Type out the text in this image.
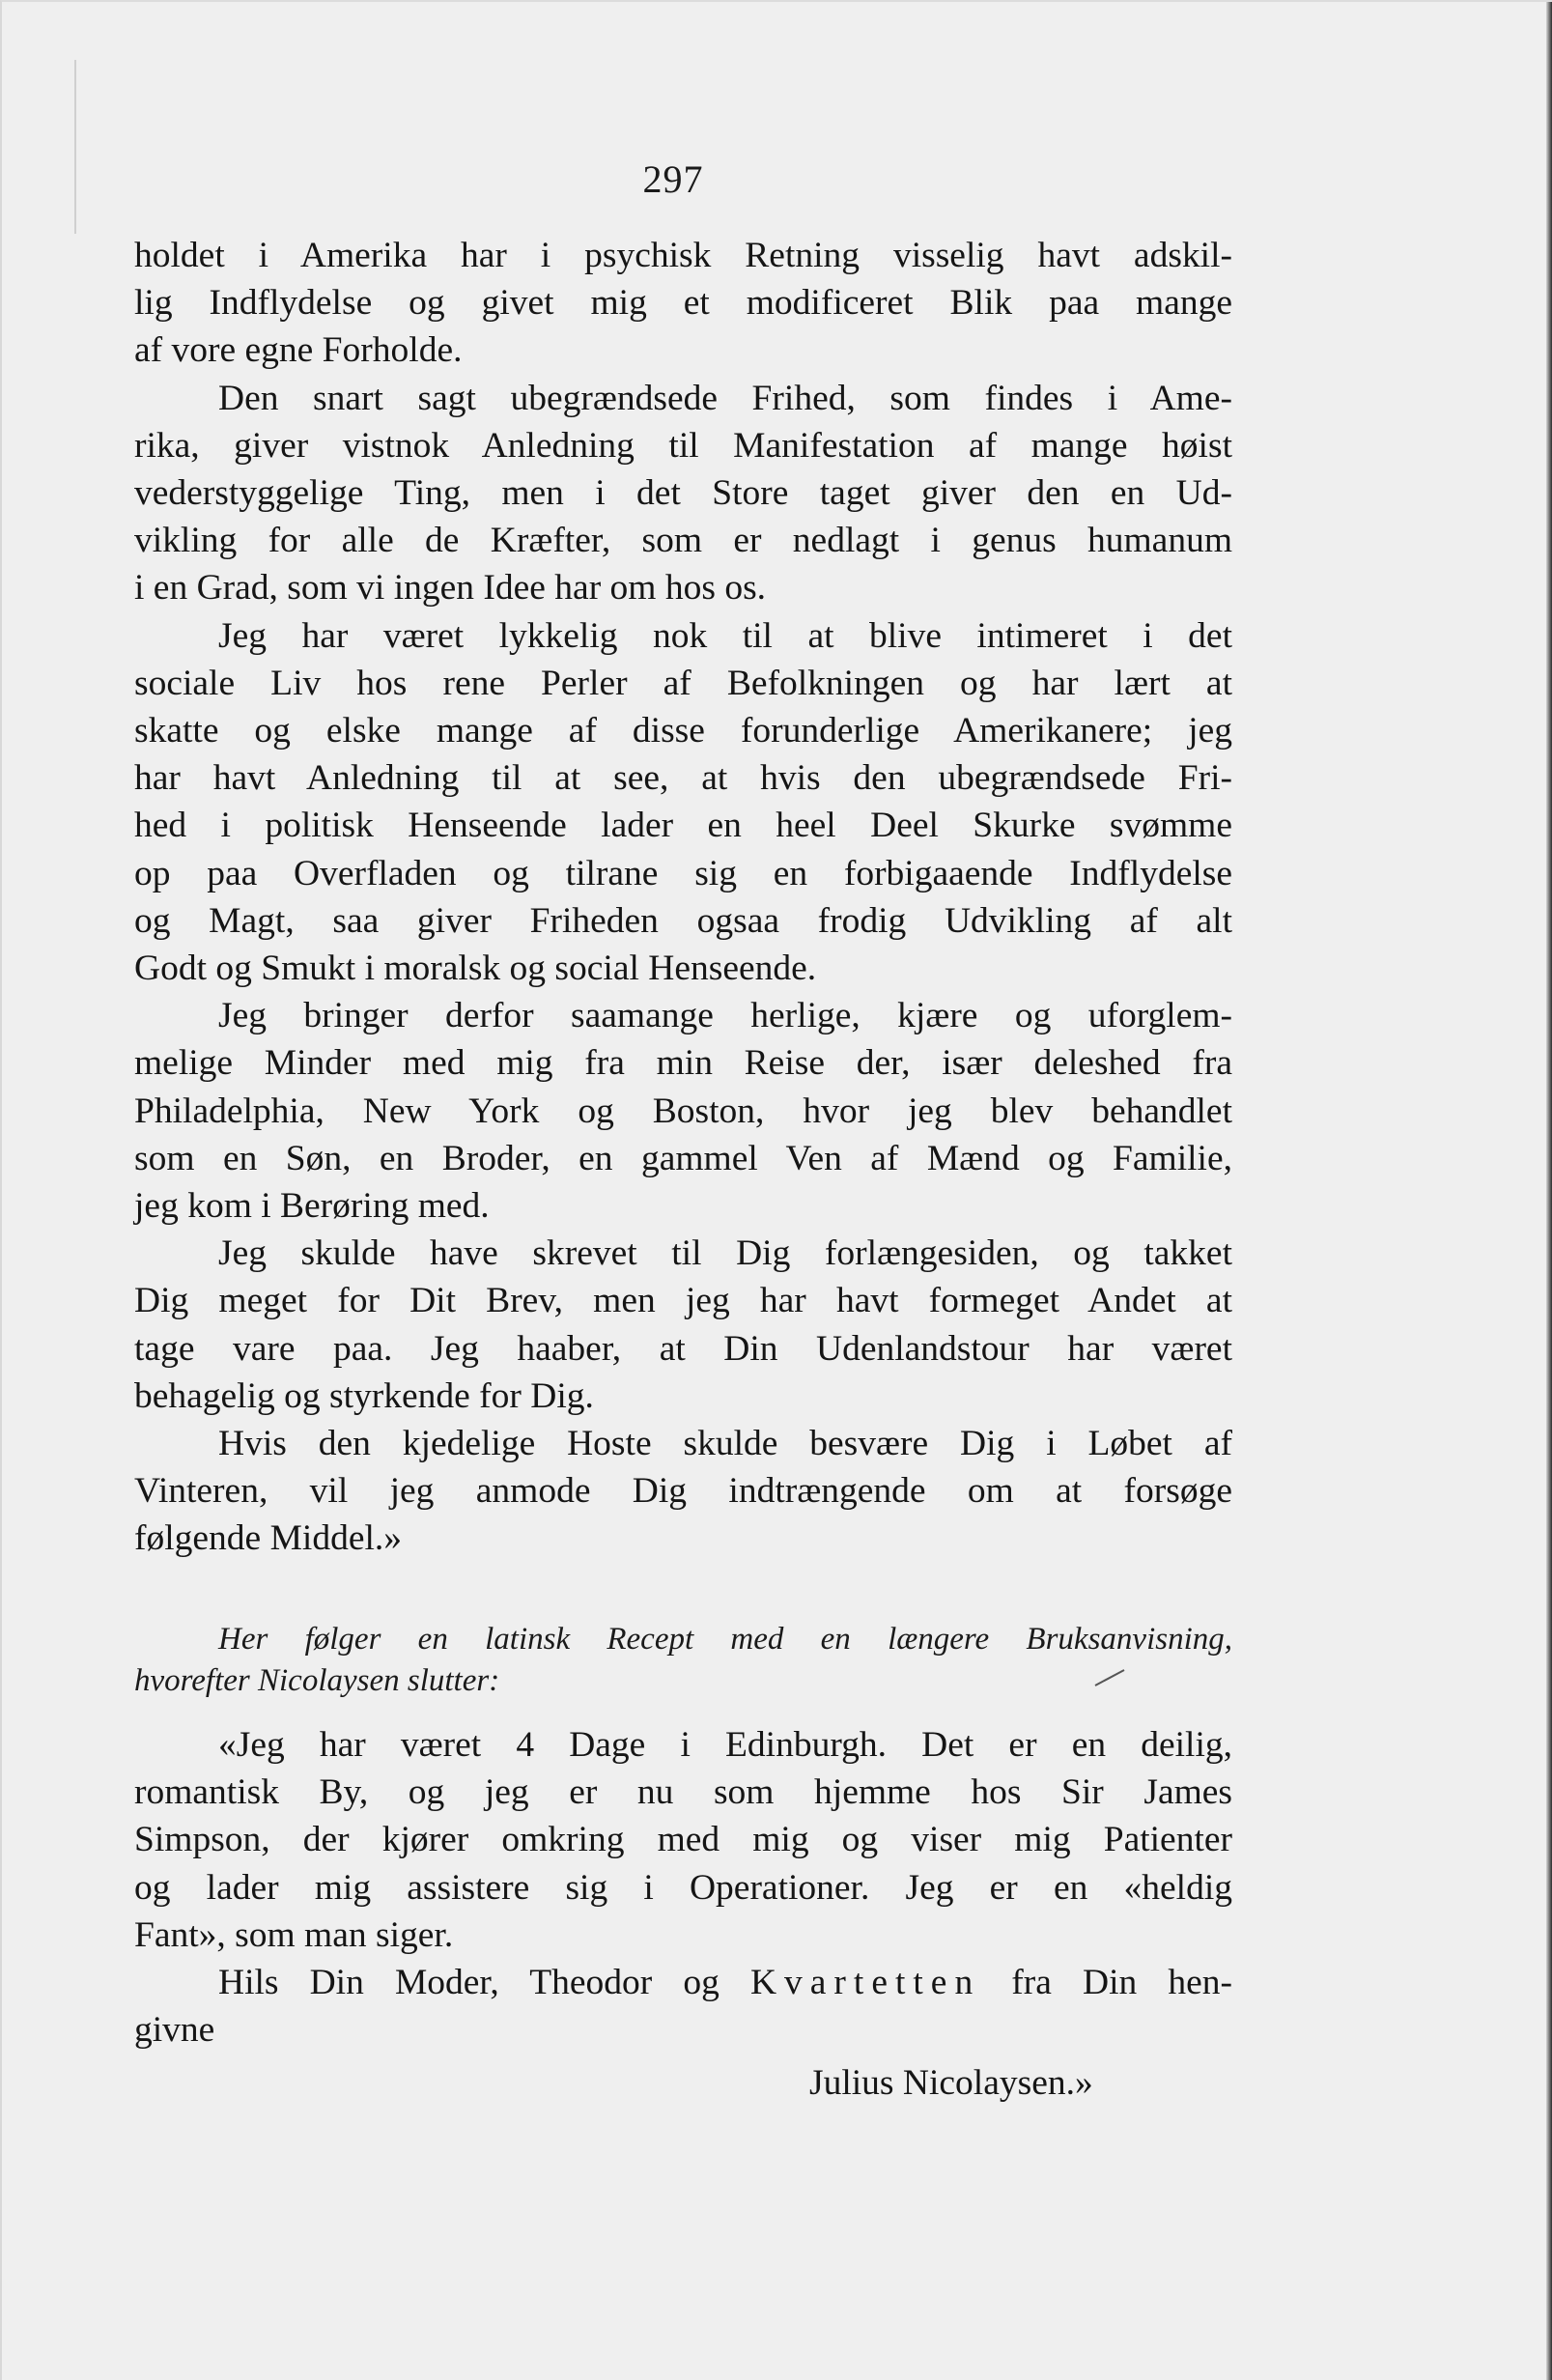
297

holdet i Amerika har i psychisk Retning visselig havt adskil-

lig Indflydelse og givet mig et modificeret Blik paa mange

af vore egne Forholde.

Den snart sagt ubegrændsede Frihed, som findes i Ame-

rika, giver vistnok Anledning til Manifestation af mange høist

vederstyggelige Ting, men i det Store taget giver den en Ud-

vikling for alle de Kræfter, som er nedlagt i genus humanum

i en Grad, som vi ingen Idee har om hos os.

Jeg har været lykkelig nok til at blive intimeret i det

sociale Liv hos rene Perler af Befolkningen og har lært at

skatte og elske mange af disse forunderlige Amerikanere; jeg

har havt Anledning til at see, at hvis den ubegrændsede Fri-

hed i politisk Henseende lader en heel Deel Skurke svømme

op paa Overfladen og tilrane sig en forbigaaende Indflydelse

og Magt, saa giver Friheden ogsaa frodig Udvikling af alt

Godt og Smukt i moralsk og social Henseende.

Jeg bringer derfor saamange herlige, kjære og uforglem-

melige Minder med mig fra min Reise der, især deleshed fra

Philadelphia, New York og Boston, hvor jeg blev behandlet

som en Søn, en Broder, en gammel Ven af Mænd og Familie,

jeg kom i Berøring med.

Jeg skulde have skrevet til Dig forlængesiden, og takket

Dig meget for Dit Brev, men jeg har havt formeget Andet at

tage vare paa. Jeg haaber, at Din Udenlandstour har været

behagelig og styrkende for Dig.

Hvis den kjedelige Hoste skulde besvære Dig i Løbet af

Vinteren, vil jeg anmode Dig indtrængende om at forsøge

følgende Middel.»

Her følger en latinsk Recept med en længere Bruksanvisning,

hvorefter Nicolaysen slutter:

«Jeg har været 4 Dage i Edinburgh. Det er en deilig,

romantisk By, og jeg er nu som hjemme hos Sir James

Simpson, der kjører omkring med mig og viser mig Patienter

og lader mig assistere sig i Operationer. Jeg er en «heldig

Fant», som man siger.

Hils Din Moder, Theodor og Kvartetten fra Din hen-

givne

Julius Nicolaysen.»
